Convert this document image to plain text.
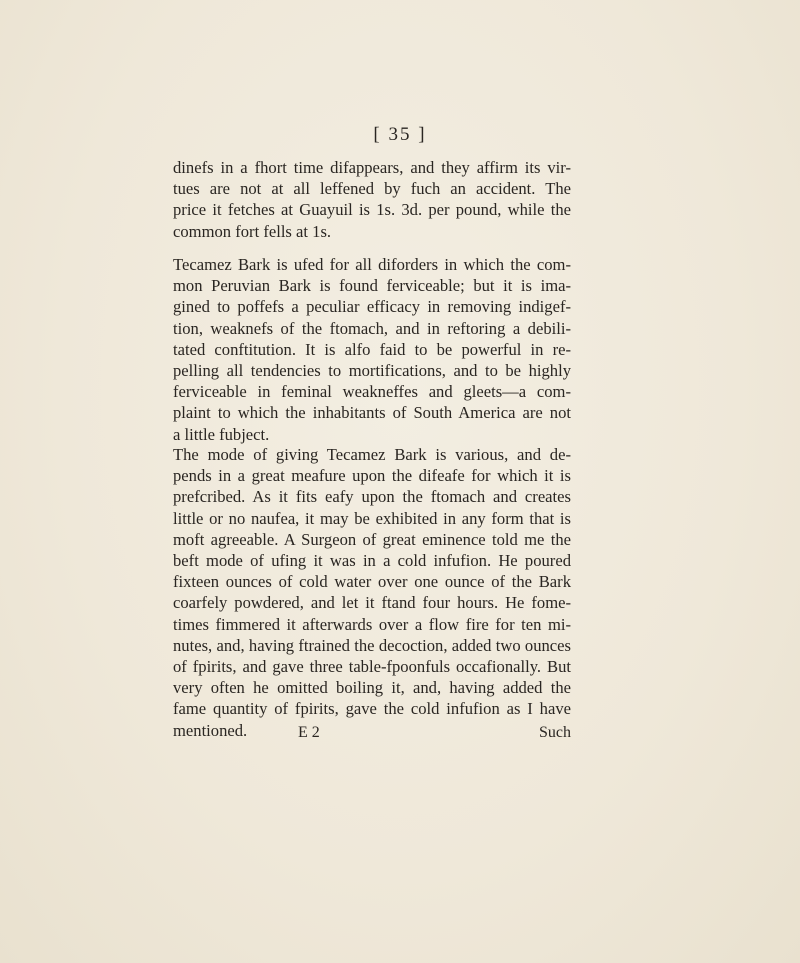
[ 35 ]
dinefs in a fhort time difappears, and they affirm its vir-
tues are not at all leffened by fuch an accident. The
price it fetches at Guayuil is 1s. 3d. per pound, while the
common fort fells at 1s.
Tecamez Bark is ufed for all diforders in which the com-
mon Peruvian Bark is found ferviceable; but it is ima-
gined to poffefs a peculiar efficacy in removing indigef-
tion, weaknefs of the ftomach, and in reftoring a debili-
tated conftitution. It is alfo faid to be powerful in re-
pelling all tendencies to mortifications, and to be highly
ferviceable in feminal weakneffes and gleets—a com-
plaint to which the inhabitants of South America are not
a little fubject.
The mode of giving Tecamez Bark is various, and de-
pends in a great meafure upon the difeafe for which it is
prefcribed. As it fits eafy upon the ftomach and creates
little or no naufea, it may be exhibited in any form that is
moft agreeable. A Surgeon of great eminence told me the
beft mode of ufing it was in a cold infufion. He poured
fixteen ounces of cold water over one ounce of the Bark
coarfely powdered, and let it ftand four hours. He fome-
times fimmered it afterwards over a flow fire for ten mi-
nutes, and, having ftrained the decoction, added two ounces
of fpirits, and gave three table-fpoonfuls occafionally. But
very often he omitted boiling it, and, having added the
fame quantity of fpirits, gave the cold infufion as I have
mentioned.	E 2	Such
